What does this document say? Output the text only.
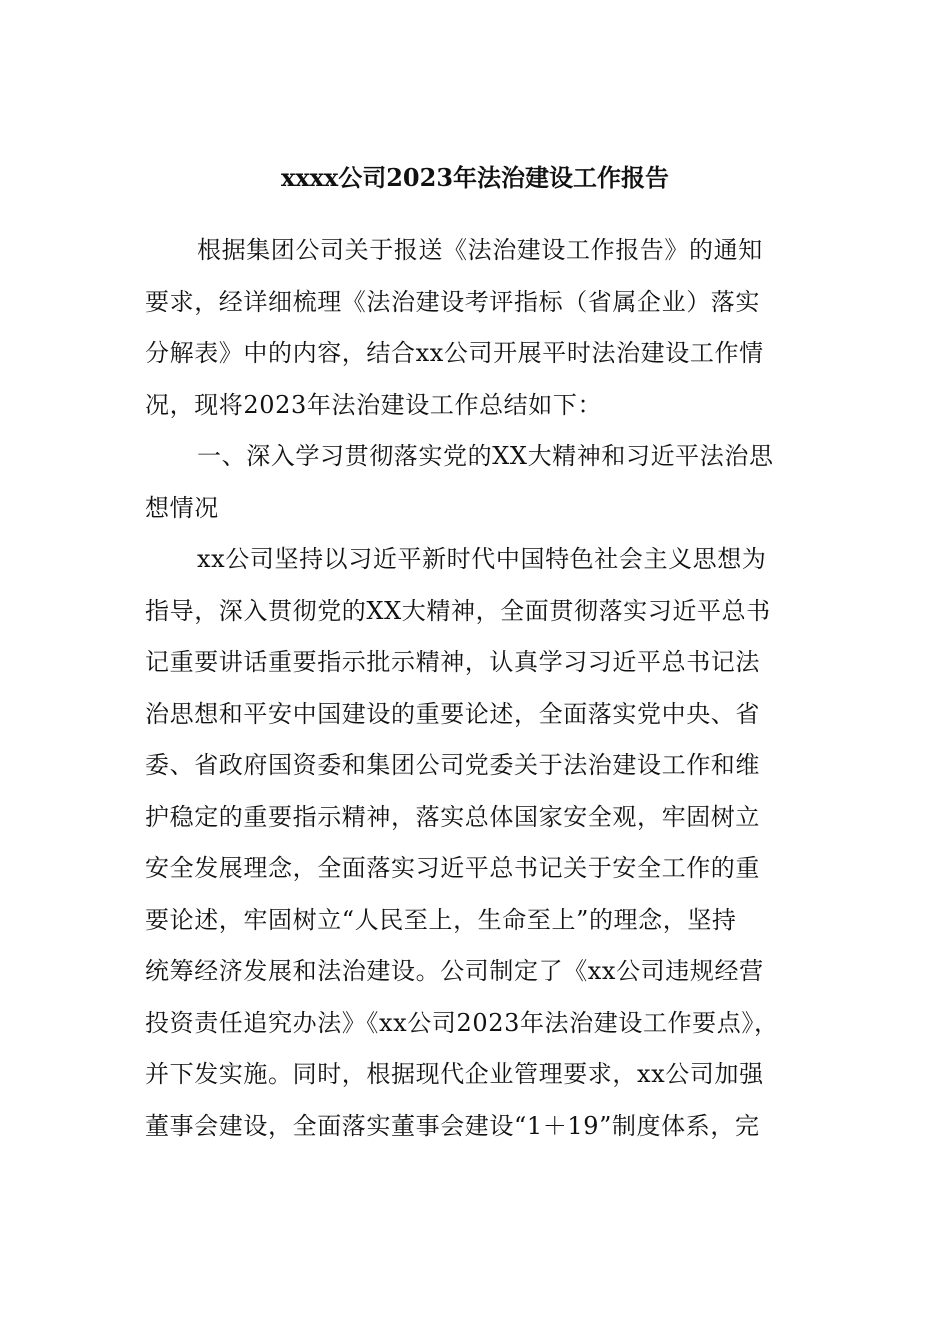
xxxx公司2023年法治建设工作报告
根据集团公司关于报送《法治建设工作报告》的通知
要求，经详细梳理《法治建设考评指标（省属企业）落实
分解表》中的内容，结合xx公司开展平时法治建设工作情
况，现将2023年法治建设工作总结如下：
一、深入学习贯彻落实党的XX大精神和习近平法治思
想情况
xx公司坚持以习近平新时代中国特色社会主义思想为
指导，深入贯彻党的XX大精神，全面贯彻落实习近平总书
记重要讲话重要指示批示精神，认真学习习近平总书记法
治思想和平安中国建设的重要论述，全面落实党中央、省
委、省政府国资委和集团公司党委关于法治建设工作和维
护稳定的重要指示精神，落实总体国家安全观，牢固树立
安全发展理念，全面落实习近平总书记关于安全工作的重
要论述，牢固树立“人民至上，生命至上”的理念，坚持
统筹经济发展和法治建设。公司制定了《xx公司违规经营
投资责任追究办法》《xx公司2023年法治建设工作要点》，
并下发实施。同时，根据现代企业管理要求，xx公司加强
董事会建设，全面落实董事会建设“1＋19”制度体系，完
